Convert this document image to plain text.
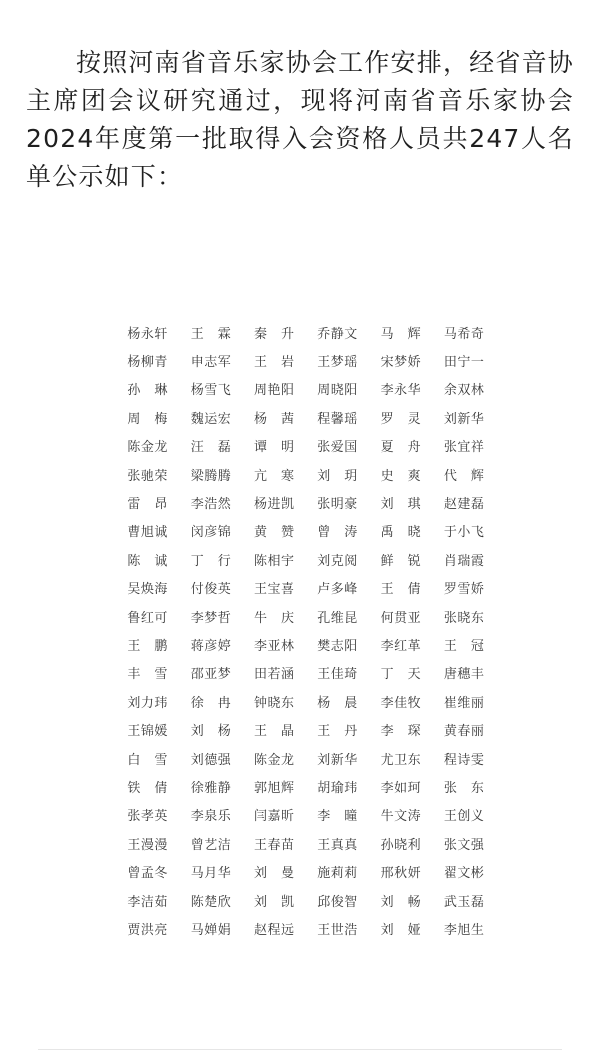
按照河南省音乐家协会工作安排，经省音协主席团会议研究通过，现将河南省音乐家协会2024年度第一批取得入会资格人员共247人名单公示如下：

杨永轩	王　霖	秦　升	乔静文	马　辉	马希奇
杨柳青	申志军	王　岩	王梦瑶	宋梦娇	田宁一
孙　琳	杨雪飞	周艳阳	周晓阳	李永华	余双林
周　梅	魏运宏	杨　茜	程馨瑶	罗　灵	刘新华
陈金龙	汪　磊	谭　明	张爱国	夏　舟	张宜祥
张驰荣	梁腾腾	亢　寒	刘　玥	史　爽	代　辉
雷　昂	李浩然	杨进凯	张明豪	刘　琪	赵建磊
曹旭诚	闵彦锦	黄　赞	曾　涛	禹　晓	于小飞
陈　诚	丁　行	陈相宇	刘克阅	鲜　锐	肖瑞霞
吴焕海	付俊英	王宝喜	卢多峰	王　倩	罗雪娇
鲁红可	李梦哲	牛　庆	孔维昆	何贯亚	张晓东
王　鹏	蒋彦婷	李亚林	樊志阳	李红革	王　冠
丰　雪	邵亚梦	田若涵	王佳琦	丁　天	唐穗丰
刘力玮	徐　冉	钟晓东	杨　晨	李佳牧	崔维丽
王锦媛	刘　杨	王　晶	王　丹	李　琛	黄春丽
白　雪	刘德强	陈金龙	刘新华	尤卫东	程诗雯
铁　倩	徐雅静	郭旭辉	胡瑜玮	李如珂	张　东
张孝英	李泉乐	闫嘉昕	李　曈	牛文涛	王创义
王漫漫	曾艺洁	王春苗	王真真	孙晓利	张文强
曾孟冬	马月华	刘　曼	施莉莉	邢秋妍	翟文彬
李洁茹	陈楚欣	刘　凯	邱俊智	刘　畅	武玉磊
贾洪亮	马婵娟	赵程远	王世浩	刘　娅	李旭生
